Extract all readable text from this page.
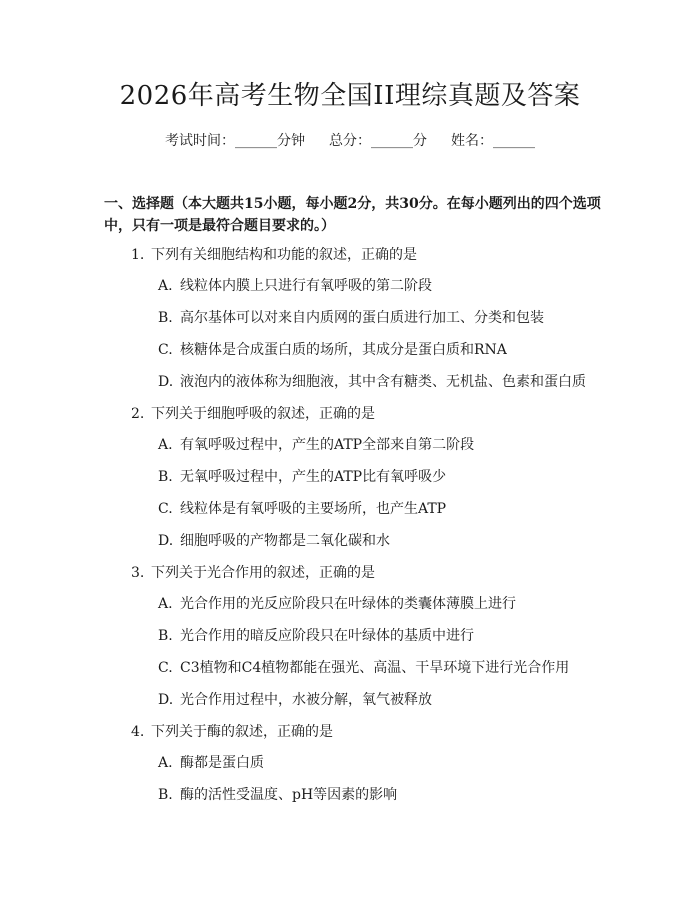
2026年高考生物全国II理综真题及答案
考试时间：______分钟 总分：______分 姓名：______
一、选择题（本大题共15小题，每小题2分，共30分。在每小题列出的四个选项中，只有一项是最符合题目要求的。）
1. 下列有关细胞结构和功能的叙述，正确的是
A. 线粒体内膜上只进行有氧呼吸的第二阶段
B. 高尔基体可以对来自内质网的蛋白质进行加工、分类和包装
C. 核糖体是合成蛋白质的场所，其成分是蛋白质和RNA
D. 液泡内的液体称为细胞液，其中含有糖类、无机盐、色素和蛋白质
2. 下列关于细胞呼吸的叙述，正确的是
A. 有氧呼吸过程中，产生的ATP全部来自第二阶段
B. 无氧呼吸过程中，产生的ATP比有氧呼吸少
C. 线粒体是有氧呼吸的主要场所，也产生ATP
D. 细胞呼吸的产物都是二氧化碳和水
3. 下列关于光合作用的叙述，正确的是
A. 光合作用的光反应阶段只在叶绿体的类囊体薄膜上进行
B. 光合作用的暗反应阶段只在叶绿体的基质中进行
C. C3植物和C4植物都能在强光、高温、干旱环境下进行光合作用
D. 光合作用过程中，水被分解，氧气被释放
4. 下列关于酶的叙述，正确的是
A. 酶都是蛋白质
B. 酶的活性受温度、pH等因素的影响
